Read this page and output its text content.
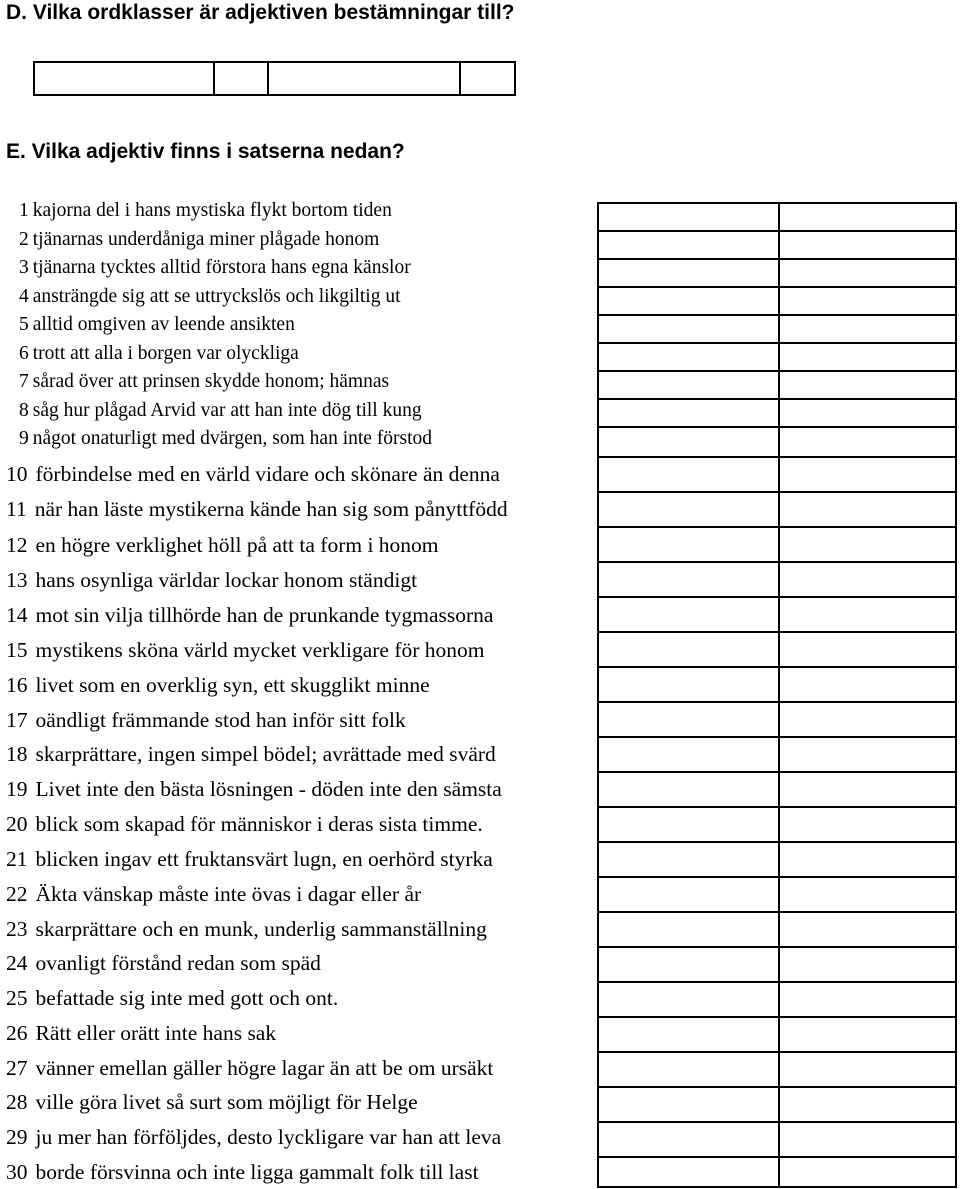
D. Vilka ordklasser är adjektiven bestämningar till?
E. Vilka adjektiv finns i satserna nedan?
1 kajorna del i hans mystiska flykt bortom tiden
2 tjänarnas underdåniga miner plågade honom
3 tjänarna tycktes alltid förstora hans egna känslor
4 ansträngde sig att se uttryckslös och likgiltig ut
5 alltid omgiven av leende ansikten
6 trott att alla i borgen var olyckliga
7 sårad över att prinsen skydde honom; hämnas
8 såg hur plågad Arvid var att han inte dög till kung
9 något onaturligt med dvärgen, som han inte förstod
10 förbindelse med en värld vidare och skönare än denna
11 när han läste mystikerna kände han sig som pånyttfödd
12 en högre verklighet höll på att ta form i honom
13 hans osynliga världar lockar honom ständigt
14 mot sin vilja tillhörde han de prunkande tygmassorna
15 mystikens sköna värld mycket verkligare för honom
16 livet som en overklig syn, ett skugglikt minne
17 oändligt främmande stod han inför sitt folk
18 skarprättare, ingen simpel bödel; avrättade med svärd
19 Livet inte den bästa lösningen - döden inte den sämsta
20 blick som skapad för människor i deras sista timme.
21 blicken ingav ett fruktansvärt lugn, en oerhörd styrka
22 Äkta vänskap måste inte övas i dagar eller år
23 skarprättare och en munk, underlig sammanställning
24 ovanligt förstånd redan som späd
25 befattade sig inte med gott och ont.
26 Rätt eller orätt inte hans sak
27 vänner emellan gäller högre lagar än att be om ursäkt
28 ville göra livet så surt som möjligt för Helge
29 ju mer han förföljdes, desto lyckligare var han att leva
30 borde försvinna och inte ligga gammalt folk till last
